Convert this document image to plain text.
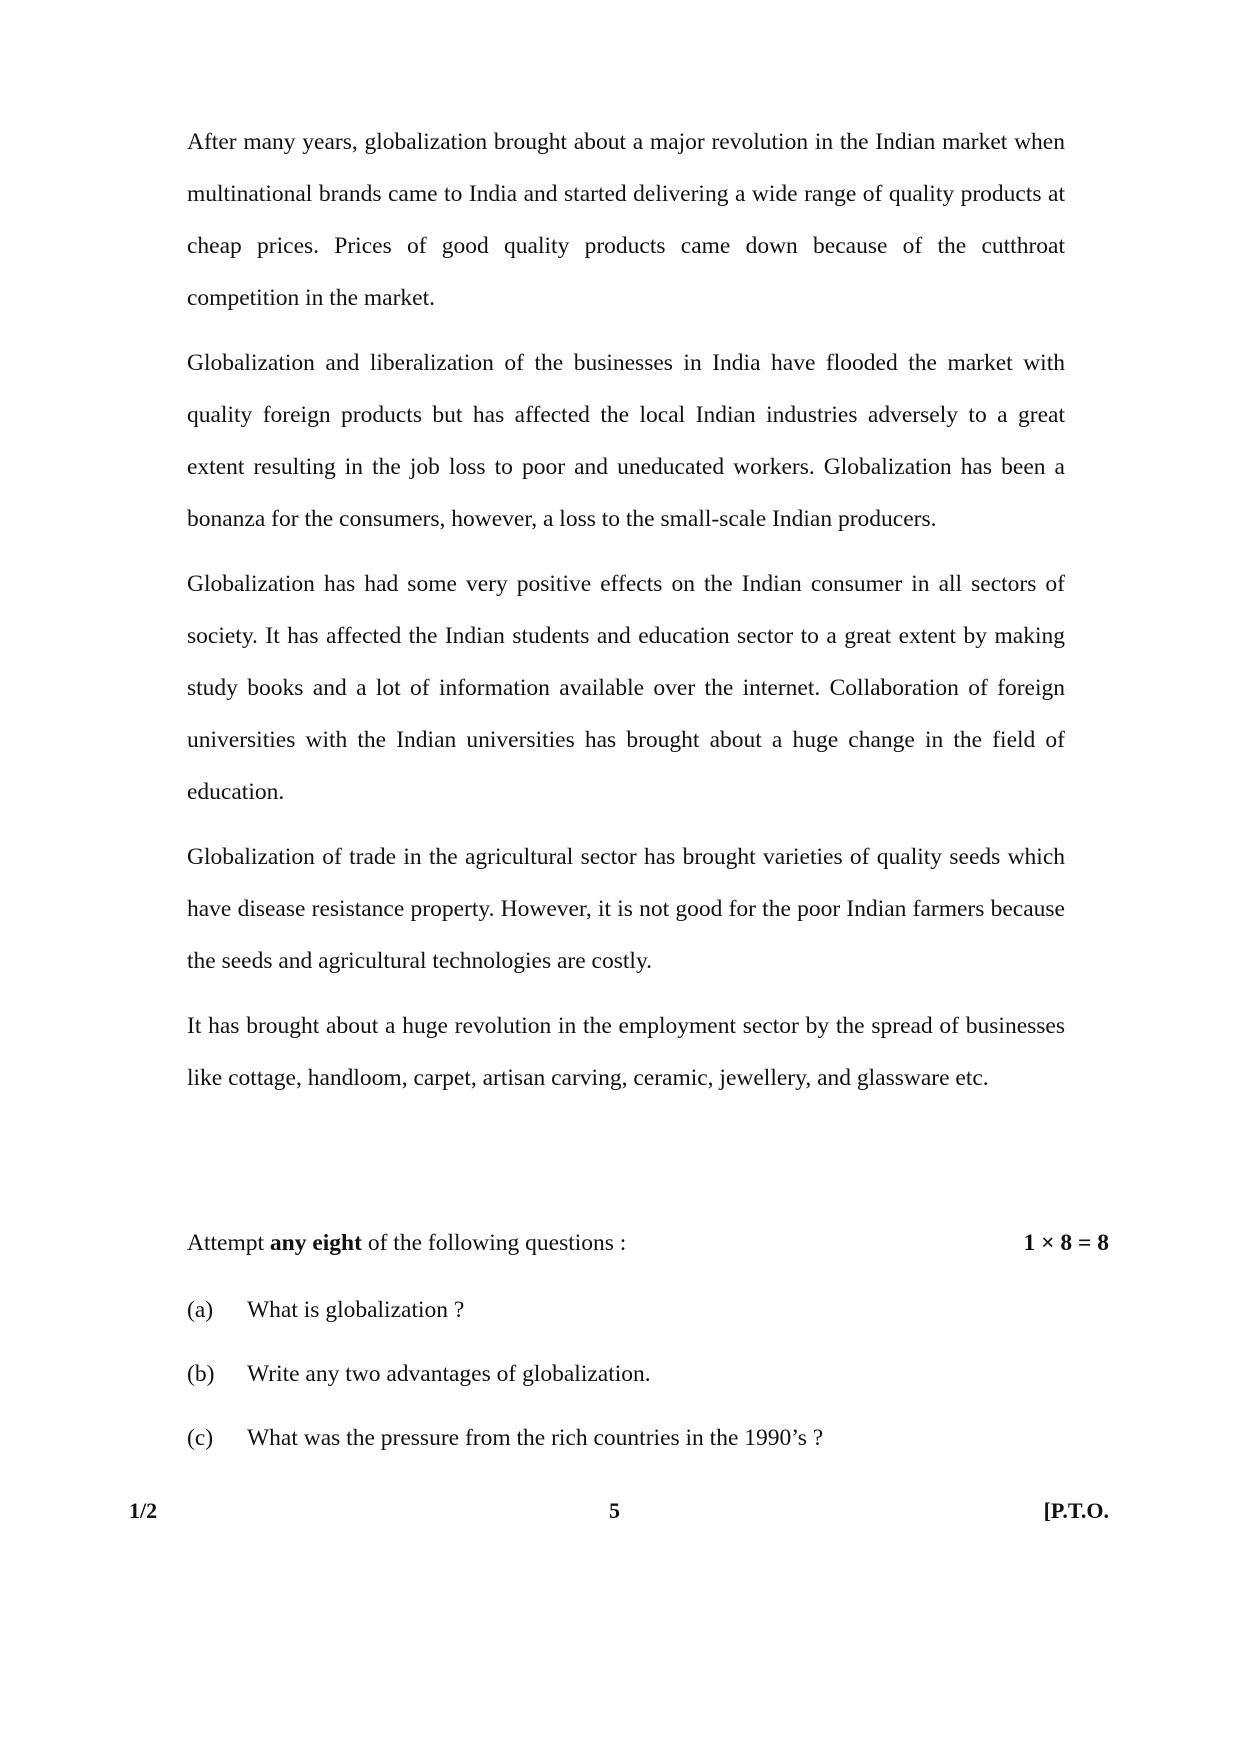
After many years, globalization brought about a major revolution in the Indian market when multinational brands came to India and started delivering a wide range of quality products at cheap prices. Prices of good quality products came down because of the cutthroat competition in the market.

Globalization and liberalization of the businesses in India have flooded the market with quality foreign products but has affected the local Indian industries adversely to a great extent resulting in the job loss to poor and uneducated workers. Globalization has been a bonanza for the consumers, however, a loss to the small-scale Indian producers.

Globalization has had some very positive effects on the Indian consumer in all sectors of society. It has affected the Indian students and education sector to a great extent by making study books and a lot of information available over the internet. Collaboration of foreign universities with the Indian universities has brought about a huge change in the field of education.

Globalization of trade in the agricultural sector has brought varieties of quality seeds which have disease resistance property. However, it is not good for the poor Indian farmers because the seeds and agricultural technologies are costly.

It has brought about a huge revolution in the employment sector by the spread of businesses like cottage, handloom, carpet, artisan carving, ceramic, jewellery, and glassware etc.

Attempt any eight of the following questions :	1 × 8 = 8
(a)	What is globalization ?
(b)	Write any two advantages of globalization.
(c)	What was the pressure from the rich countries in the 1990’s ?
1/2	5	[P.T.O.
